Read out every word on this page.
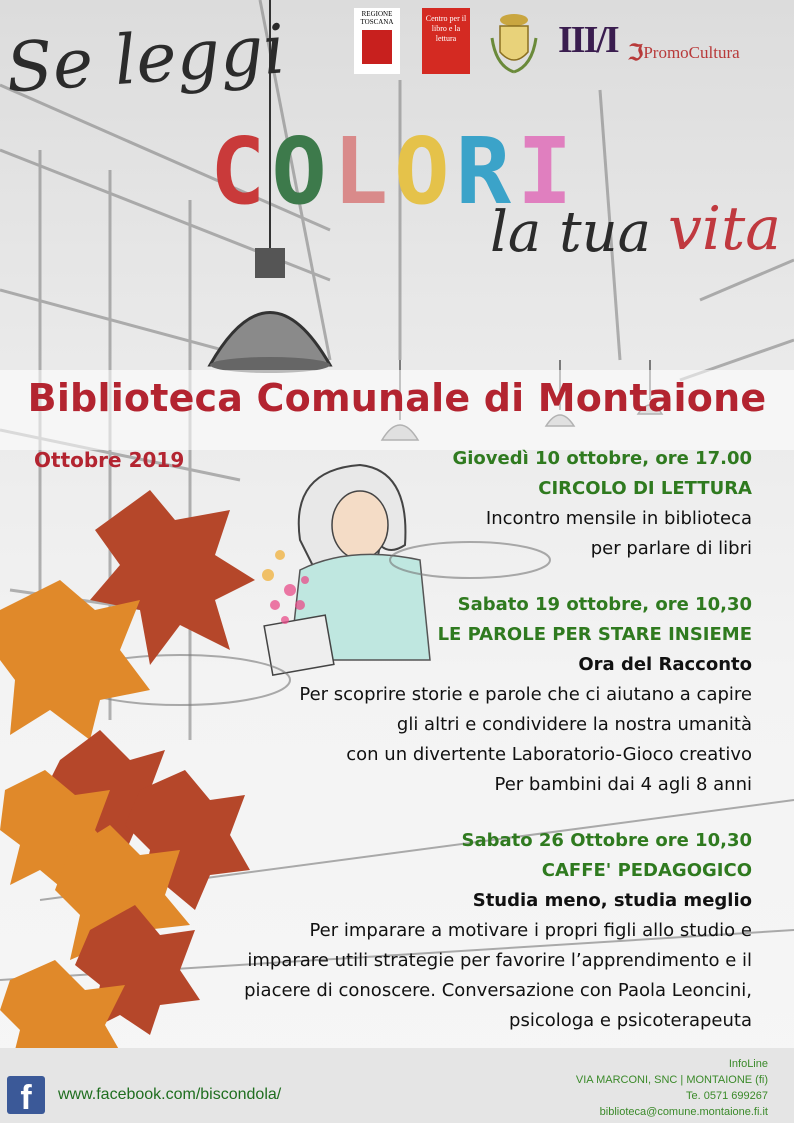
Se leggi
COLORI
la tua vita
REGIONE TOSCANA	Centro per il libro e la lettura	III/I ℑPromoCultura
Biblioteca Comunale di Montaione
Ottobre 2019	Giovedì 10 ottobre, ore 17.00
CIRCOLO DI LETTURA
Incontro mensile in biblioteca
per parlare di libri
Sabato 19 ottobre, ore 10,30
LE PAROLE PER STARE INSIEME
Ora del Racconto
Per scoprire storie e parole che ci aiutano a capire
gli altri e condividere la nostra umanità
con un divertente Laboratorio-Gioco creativo
Per bambini dai 4 agli 8 anni
Sabato 26 Ottobre ore 10,30
CAFFE' PEDAGOGICO
Studia meno, studia meglio
Per imparare a motivare i propri figli allo studio e
imparare utili strategie per favorire l’apprendimento e il
piacere di conoscere. Conversazione con Paola Leoncini,
psicologa e psicoterapeuta
f	www.facebook.com/biscondola/
InfoLine
VIA MARCONI, SNC | MONTAIONE (fi)
Te. 0571 699267
biblioteca@comune.montaione.fi.it
